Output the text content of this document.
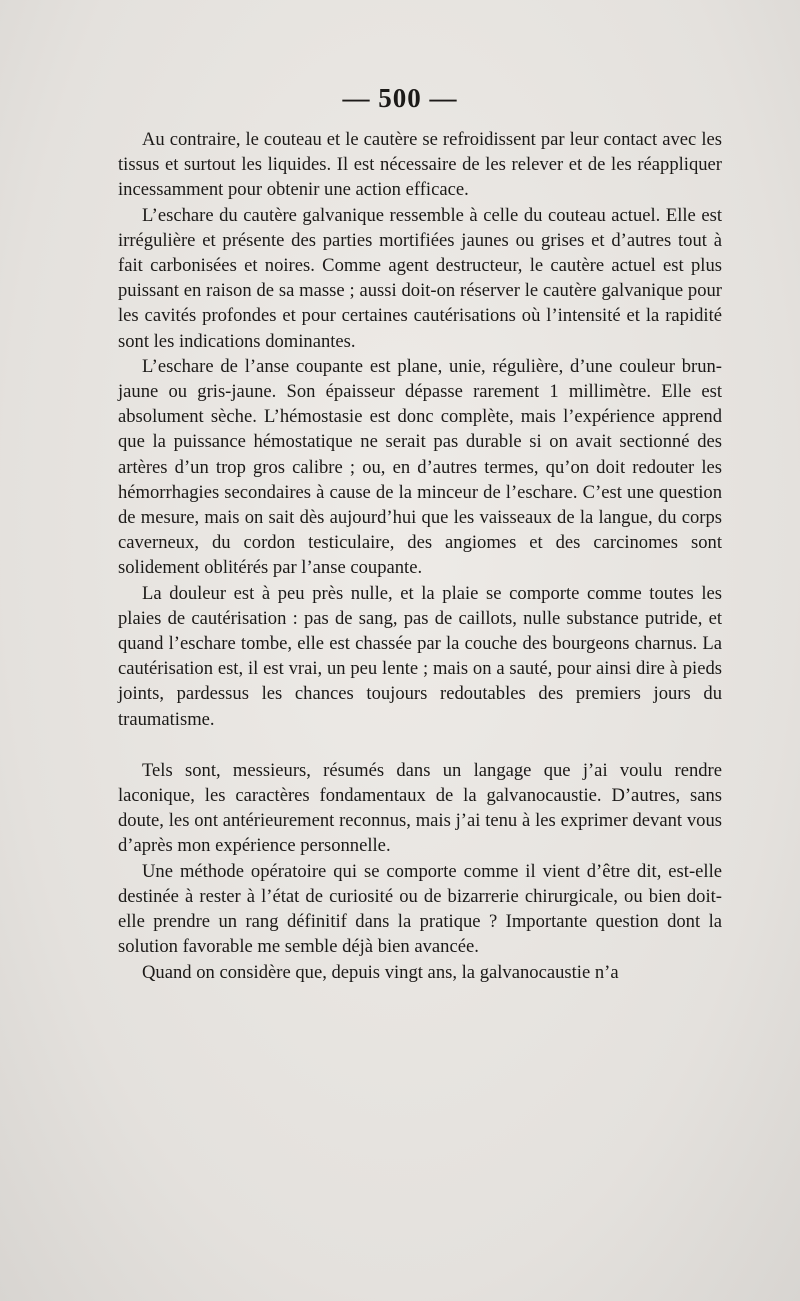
— 500 —

Au contraire, le couteau et le cautère se refroidissent par leur contact avec les tissus et surtout les liquides. Il est nécessaire de les relever et de les réappliquer incessamment pour obtenir une action efficace.

L’eschare du cautère galvanique ressemble à celle du couteau actuel. Elle est irrégulière et présente des parties mortifiées jaunes ou grises et d’autres tout à fait carbonisées et noires. Comme agent destructeur, le cautère actuel est plus puissant en raison de sa masse ; aussi doit-on réserver le cautère galvanique pour les cavités profondes et pour certaines cautérisations où l’intensité et la rapidité sont les indications dominantes.

L’eschare de l’anse coupante est plane, unie, régulière, d’une couleur brun-jaune ou gris-jaune. Son épaisseur dépasse rarement 1 millimètre. Elle est absolument sèche. L’hémostasie est donc complète, mais l’expérience apprend que la puissance hémostatique ne serait pas durable si on avait sectionné des artères d’un trop gros calibre ; ou, en d’autres termes, qu’on doit redouter les hémorrhagies secondaires à cause de la minceur de l’eschare. C’est une question de mesure, mais on sait dès aujourd’hui que les vaisseaux de la langue, du corps caverneux, du cordon testiculaire, des angiomes et des carcinomes sont solidement oblitérés par l’anse coupante.

La douleur est à peu près nulle, et la plaie se comporte comme toutes les plaies de cautérisation : pas de sang, pas de caillots, nulle substance putride, et quand l’eschare tombe, elle est chassée par la couche des bourgeons charnus. La cautérisation est, il est vrai, un peu lente ; mais on a sauté, pour ainsi dire à pieds joints, pardessus les chances toujours redoutables des premiers jours du traumatisme.

Tels sont, messieurs, résumés dans un langage que j’ai voulu rendre laconique, les caractères fondamentaux de la galvanocaustie. D’autres, sans doute, les ont antérieurement reconnus, mais j’ai tenu à les exprimer devant vous d’après mon expérience personnelle.

Une méthode opératoire qui se comporte comme il vient d’être dit, est-elle destinée à rester à l’état de curiosité ou de bizarrerie chirurgicale, ou bien doit-elle prendre un rang définitif dans la pratique ? Importante question dont la solution favorable me semble déjà bien avancée.

Quand on considère que, depuis vingt ans, la galvanocaustie n’a
